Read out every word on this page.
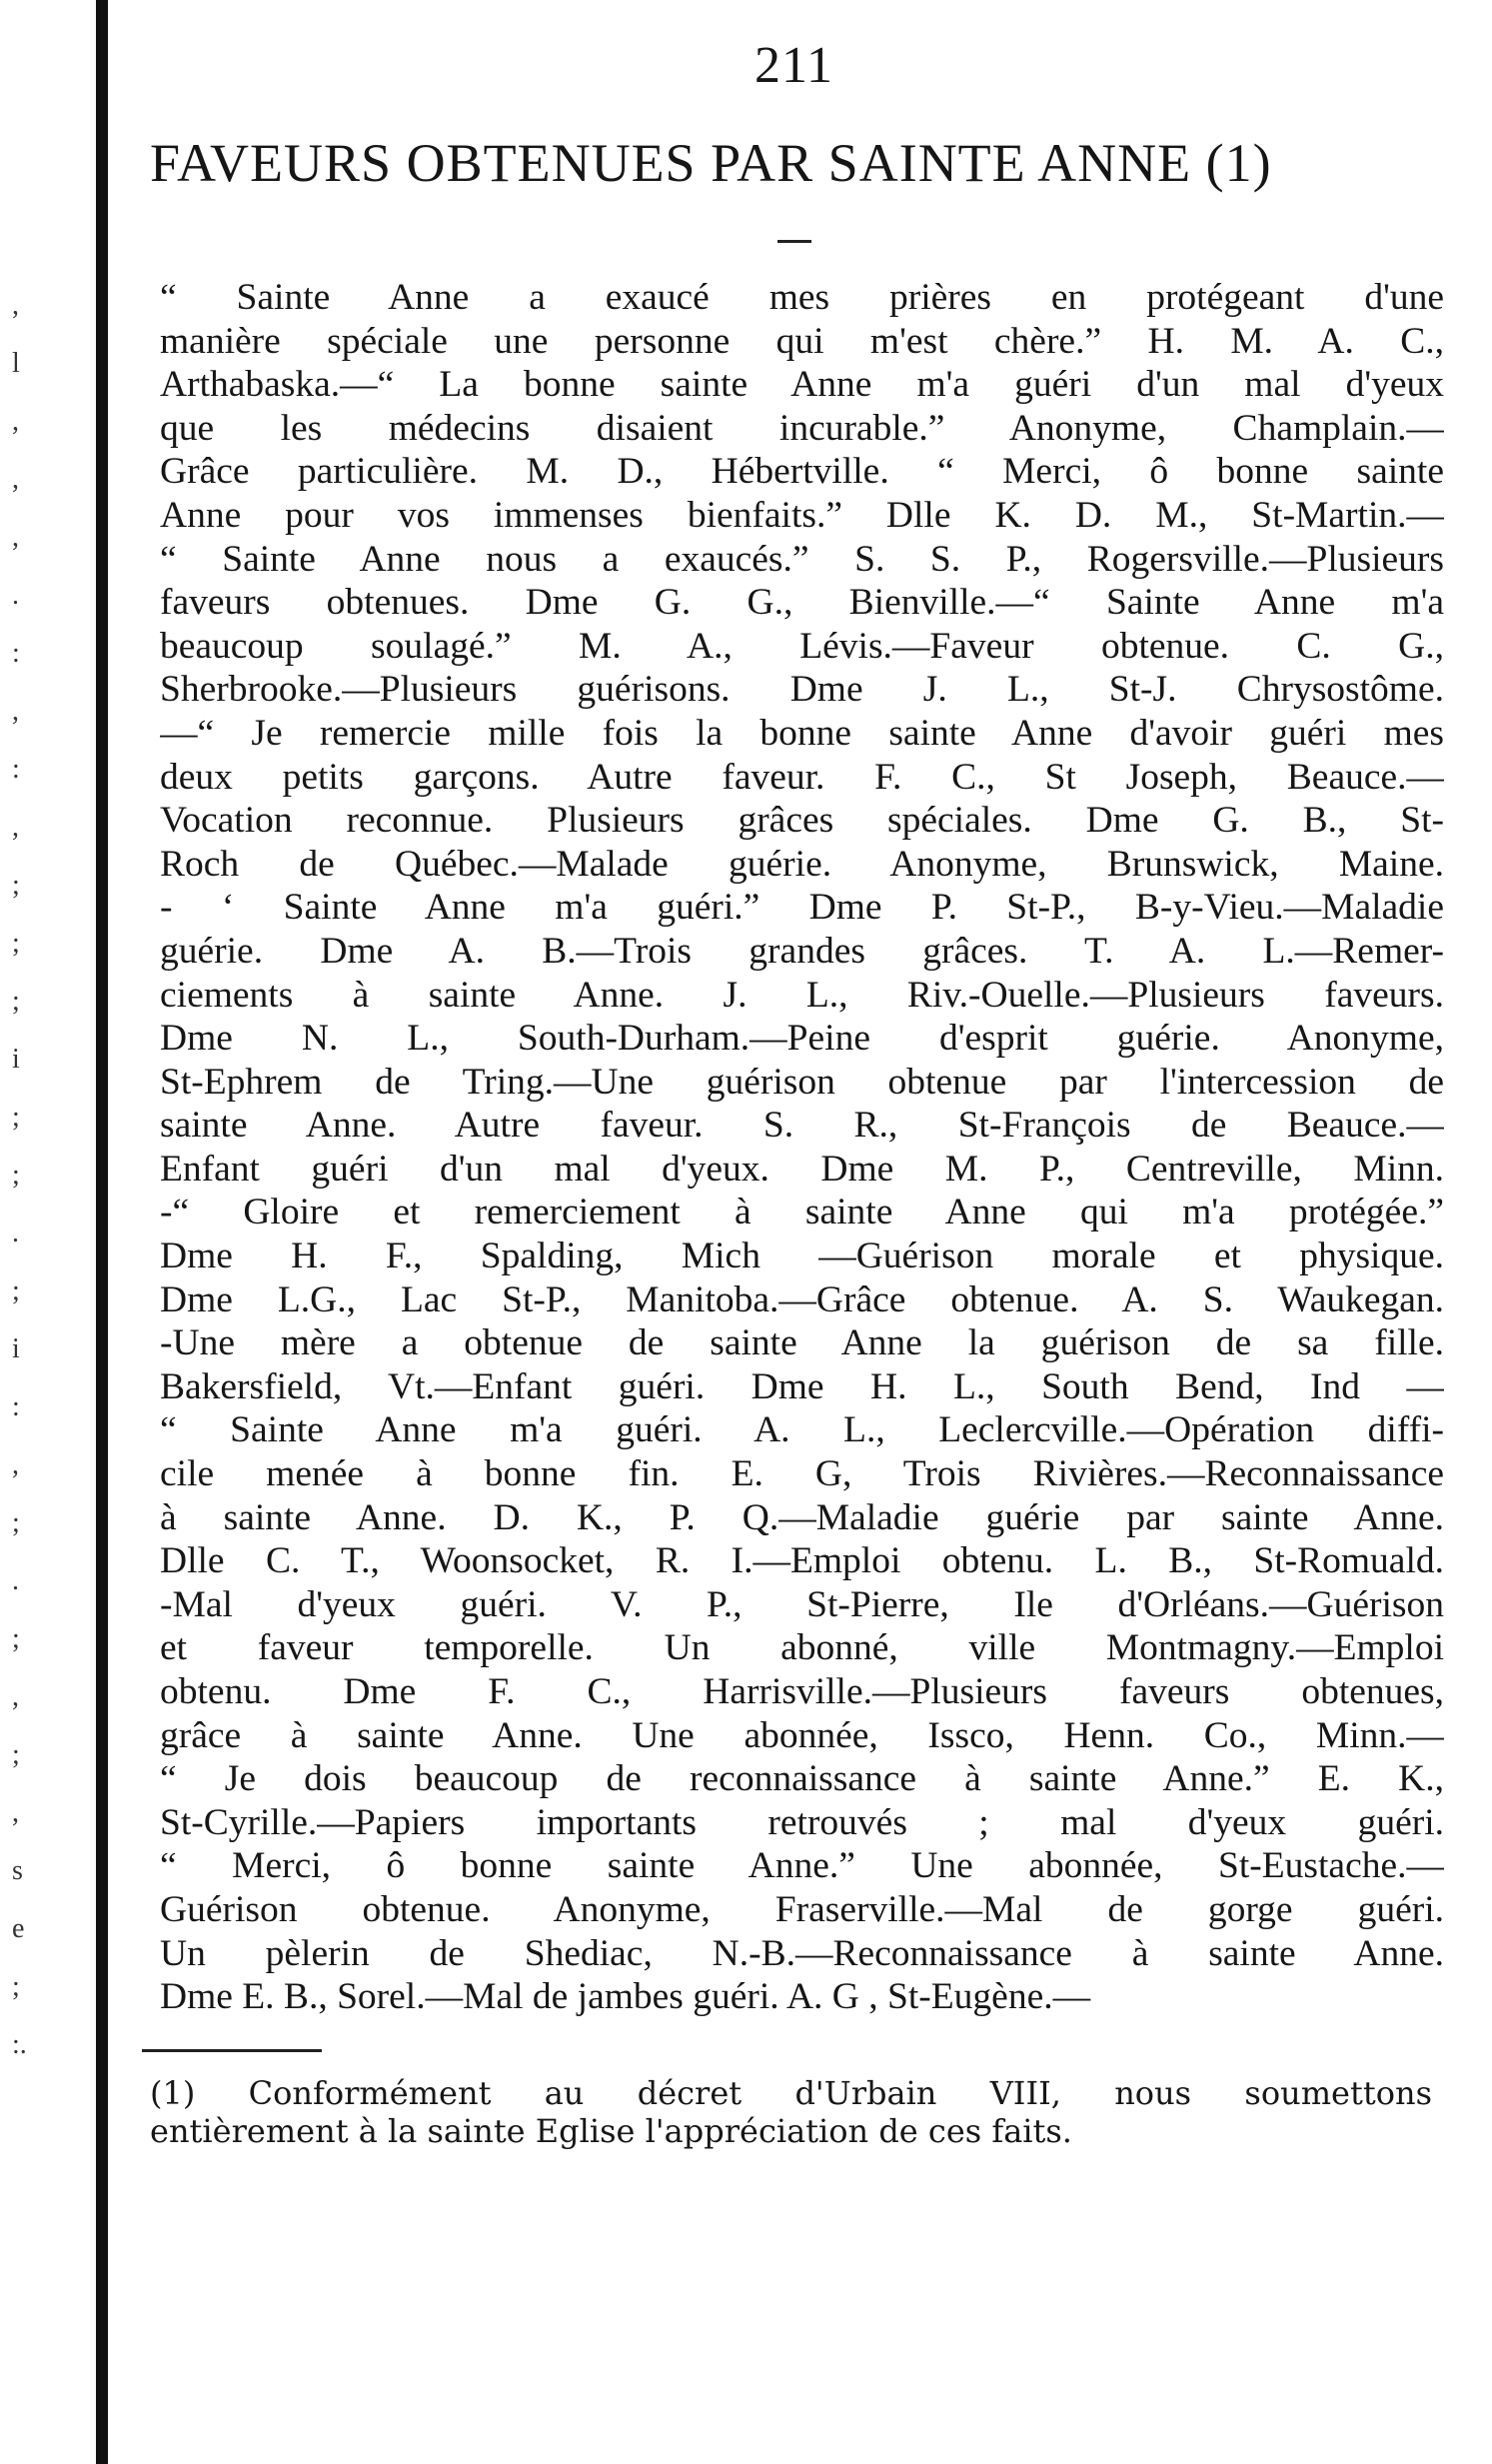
,
l
,
,
,
.
:
,
:
,
;
;
;
i
;
;
.
;
i
:
,
;
.
;
,
;
,
s
e
;
:.
211
FAVEURS OBTENUES PAR SAINTE ANNE (1)
“ Sainte Anne a exaucé mes prières en protégeant d'une
manière spéciale une personne qui m'est chère.” H. M. A. C.,
Arthabaska.—“ La bonne sainte Anne m'a guéri d'un mal d'yeux
que les médecins disaient incurable.” Anonyme, Champlain.—
Grâce particulière. M. D., Hébertville. “ Merci, ô bonne sainte
Anne pour vos immenses bienfaits.” Dlle K. D. M., St-Martin.—
“ Sainte Anne nous a exaucés.” S. S. P., Rogersville.—Plusieurs
faveurs obtenues. Dme G. G., Bienville.—“ Sainte Anne m'a
beaucoup soulagé.” M. A., Lévis.—Faveur obtenue. C. G.,
Sherbrooke.—Plusieurs guérisons. Dme J. L., St-J. Chrysostôme.
—“ Je remercie mille fois la bonne sainte Anne d'avoir guéri mes
deux petits garçons. Autre faveur. F. C., St Joseph, Beauce.—
Vocation reconnue. Plusieurs grâces spéciales. Dme G. B., St-
Roch de Québec.—Malade guérie. Anonyme, Brunswick, Maine.
- ‘ Sainte Anne m'a guéri.” Dme P. St-P., B-y-Vieu.—Maladie
guérie. Dme A. B.—Trois grandes grâces. T. A. L.—Remer-
ciements à sainte Anne. J. L., Riv.-Ouelle.—Plusieurs faveurs.
Dme N. L., South-Durham.—Peine d'esprit guérie. Anonyme,
St-Ephrem de Tring.—Une guérison obtenue par l'intercession de
sainte Anne. Autre faveur. S. R., St-François de Beauce.—
Enfant guéri d'un mal d'yeux. Dme M. P., Centreville, Minn.
-“ Gloire et remerciement à sainte Anne qui m'a protégée.”
Dme H. F., Spalding, Mich —Guérison morale et physique.
Dme L.G., Lac St-P., Manitoba.—Grâce obtenue. A. S. Waukegan.
-Une mère a obtenue de sainte Anne la guérison de sa fille.
Bakersfield, Vt.—Enfant guéri. Dme H. L., South Bend, Ind —
“ Sainte Anne m'a guéri. A. L., Leclercville.—Opération diffi-
cile menée à bonne fin. E. G, Trois Rivières.—Reconnaissance
à sainte Anne. D. K., P. Q.—Maladie guérie par sainte Anne.
Dlle C. T., Woonsocket, R. I.—Emploi obtenu. L. B., St-Romuald.
-Mal d'yeux guéri. V. P., St-Pierre, Ile d'Orléans.—Guérison
et faveur temporelle. Un abonné, ville Montmagny.—Emploi
obtenu. Dme F. C., Harrisville.—Plusieurs faveurs obtenues,
grâce à sainte Anne. Une abonnée, Issco, Henn. Co., Minn.—
“ Je dois beaucoup de reconnaissance à sainte Anne.” E. K.,
St-Cyrille.—Papiers importants retrouvés ; mal d'yeux guéri.
“ Merci, ô bonne sainte Anne.” Une abonnée, St-Eustache.—
Guérison obtenue. Anonyme, Fraserville.—Mal de gorge guéri.
Un pèlerin de Shediac, N.-B.—Reconnaissance à sainte Anne.
Dme E. B., Sorel.—Mal de jambes guéri. A. G , St-Eugène.—
(1) Conformément au décret d'Urbain VIII, nous soumettons
entièrement à la sainte Eglise l'appréciation de ces faits.
